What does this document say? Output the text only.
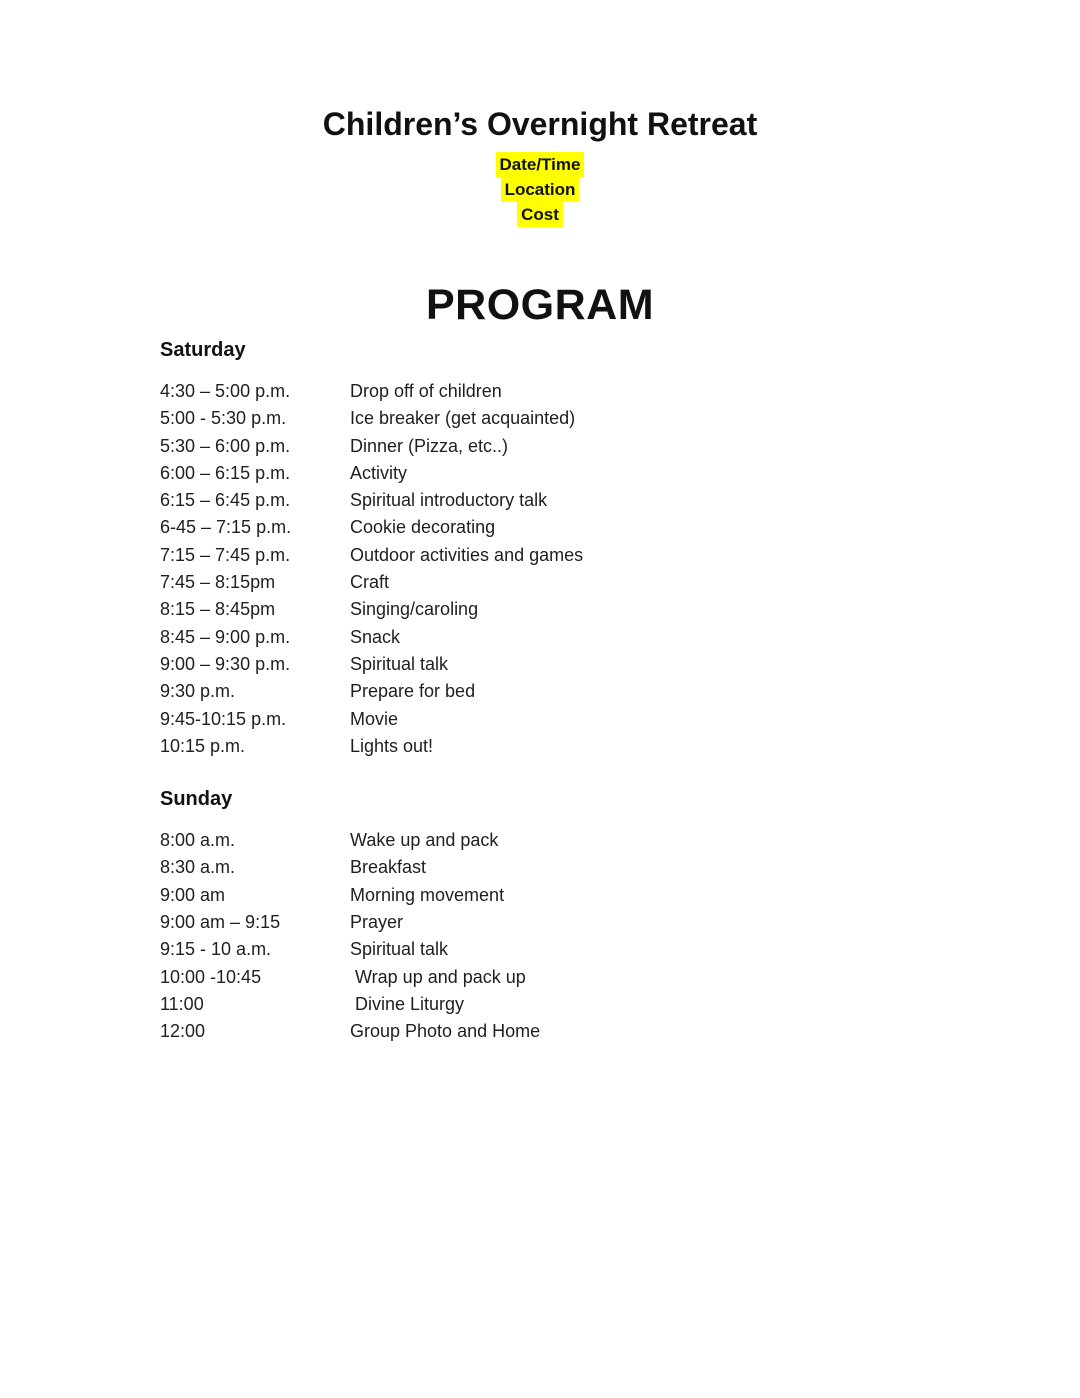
Children’s Overnight Retreat
Date/Time
Location
Cost
PROGRAM
Saturday
4:30 – 5:00 p.m.	Drop off of children
5:00 - 5:30 p.m.	Ice breaker (get acquainted)
5:30 – 6:00 p.m.	Dinner (Pizza, etc..)
6:00 – 6:15 p.m.	Activity
6:15 – 6:45 p.m.	Spiritual introductory talk
6-45 – 7:15 p.m.	Cookie decorating
7:15 – 7:45 p.m.	Outdoor activities and games
7:45 – 8:15pm	Craft
8:15 – 8:45pm	Singing/caroling
8:45 – 9:00 p.m.	Snack
9:00 – 9:30 p.m.	Spiritual talk
9:30 p.m.	Prepare for bed
9:45-10:15 p.m.	Movie
10:15 p.m.	Lights out!
Sunday
8:00 a.m.	Wake up and pack
8:30 a.m.	Breakfast
9:00 am	Morning movement
9:00 am – 9:15	Prayer
9:15 - 10 a.m.	Spiritual talk
10:00 -10:45	Wrap up and pack up
11:00	Divine Liturgy
12:00	Group Photo and Home
